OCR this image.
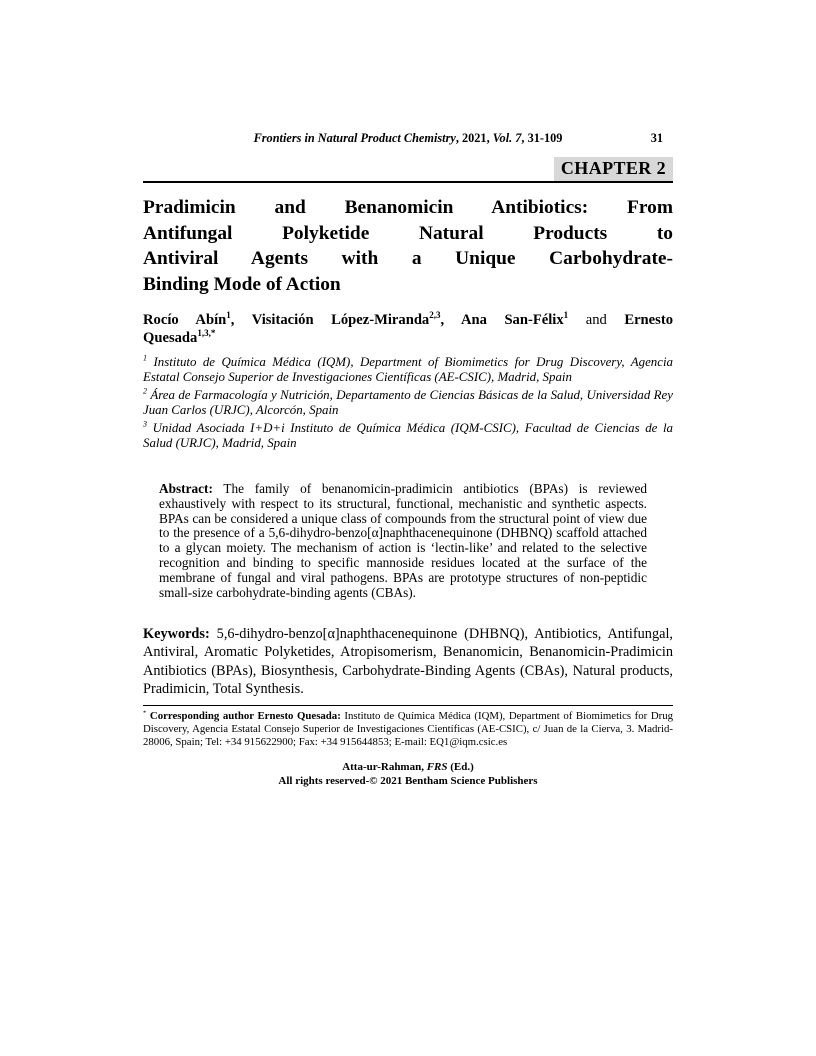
Frontiers in Natural Product Chemistry, 2021, Vol. 7, 31-109	31
CHAPTER 2
Pradimicin and Benanomicin Antibiotics: From
Antifungal Polyketide Natural Products to
Antiviral Agents with a Unique Carbohydrate-
Binding Mode of Action
Rocío Abín$^1$, Visitación López-Miranda$^{2,3}$, Ana San-Félix$^1$ and Ernesto
Quesada$^{1,3,*}$

$^1$ Instituto de Química Médica (IQM), Department of Biomimetics for Drug Discovery, Agencia Estatal Consejo Superior de Investigaciones Científicas (AE-CSIC), Madrid, Spain

$^2$ Área de Farmacología y Nutrición, Departamento de Ciencias Básicas de la Salud, Universidad Rey Juan Carlos (URJC), Alcorcón, Spain

$^3$ Unidad Asociada I+D+i Instituto de Química Médica (IQM-CSIC), Facultad de Ciencias de la Salud (URJC), Madrid, Spain

Abstract: The family of benanomicin-pradimicin antibiotics (BPAs) is reviewed exhaustively with respect to its structural, functional, mechanistic and synthetic aspects. BPAs can be considered a unique class of compounds from the structural point of view due to the presence of a 5,6-dihydro-benzo[α]naphthacenequinone (DHBNQ) scaffold attached to a glycan moiety. The mechanism of action is ‘lectin-like’ and related to the selective recognition and binding to specific mannoside residues located at the surface of the membrane of fungal and viral pathogens. BPAs are prototype structures of non-peptidic small-size carbohydrate-binding agents (CBAs).
Keywords: 5,6-dihydro-benzo[α]naphthacenequinone (DHBNQ), Antibiotics, Antifungal, Antiviral, Aromatic Polyketides, Atropisomerism, Benanomicin, Benanomicin-Pradimicin Antibiotics (BPAs), Biosynthesis, Carbohydrate-Binding Agents (CBAs), Natural products, Pradimicin, Total Synthesis.
* Corresponding author Ernesto Quesada: Instituto de Química Médica (IQM), Department of Biomimetics for Drug Discovery, Agencia Estatal Consejo Superior de Investigaciones Científicas (AE-CSIC), c/ Juan de la Cierva, 3. Madrid-28006, Spain; Tel: +34 915622900; Fax: +34 915644853; E-mail: EQ1@iqm.csic.es
Atta-ur-Rahman, FRS (Ed.)
All rights reserved-© 2021 Bentham Science Publishers
